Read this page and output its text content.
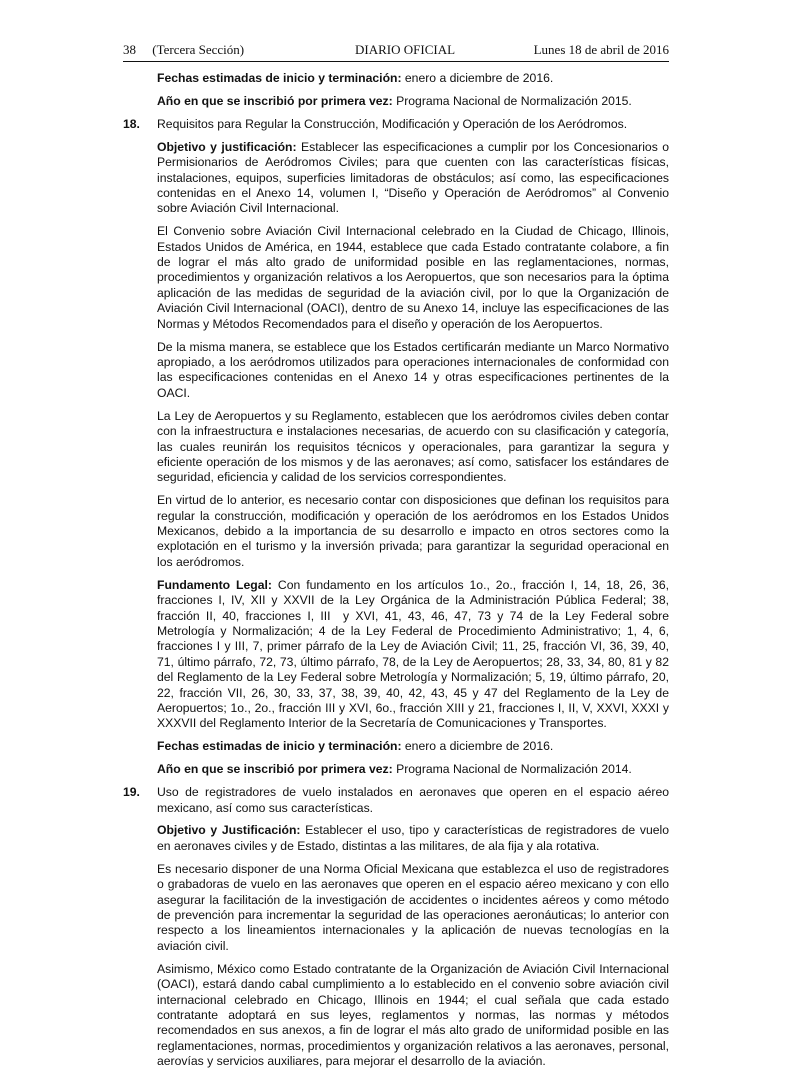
38     (Tercera Sección)	DIARIO OFICIAL	Lunes 18 de abril de 2016

Fechas estimadas de inicio y terminación: enero a diciembre de 2016.

Año en que se inscribió por primera vez: Programa Nacional de Normalización 2015.

18. Requisitos para Regular la Construcción, Modificación y Operación de los Aeródromos.

Objetivo y justificación: Establecer las especificaciones a cumplir por los Concesionarios o Permisionarios de Aeródromos Civiles; para que cuenten con las características físicas, instalaciones, equipos, superficies limitadoras de obstáculos; así como, las especificaciones contenidas en el Anexo 14, volumen I, “Diseño y Operación de Aeródromos” al Convenio sobre Aviación Civil Internacional.

El Convenio sobre Aviación Civil Internacional celebrado en la Ciudad de Chicago, Illinois, Estados Unidos de América, en 1944, establece que cada Estado contratante colabore, a fin de lograr el más alto grado de uniformidad posible en las reglamentaciones, normas, procedimientos y organización relativos a los Aeropuertos, que son necesarios para la óptima aplicación de las medidas de seguridad de la aviación civil, por lo que la Organización de Aviación Civil Internacional (OACI), dentro de su Anexo 14, incluye las especificaciones de las Normas y Métodos Recomendados para el diseño y operación de los Aeropuertos.

De la misma manera, se establece que los Estados certificarán mediante un Marco Normativo apropiado, a los aeródromos utilizados para operaciones internacionales de conformidad con las especificaciones contenidas en el Anexo 14 y otras especificaciones pertinentes de la OACI.

La Ley de Aeropuertos y su Reglamento, establecen que los aeródromos civiles deben contar con la infraestructura e instalaciones necesarias, de acuerdo con su clasificación y categoría, las cuales reunirán los requisitos técnicos y operacionales, para garantizar la segura y eficiente operación de los mismos y de las aeronaves; así como, satisfacer los estándares de seguridad, eficiencia y calidad de los servicios correspondientes.

En virtud de lo anterior, es necesario contar con disposiciones que definan los requisitos para regular la construcción, modificación y operación de los aeródromos en los Estados Unidos Mexicanos, debido a la importancia de su desarrollo e impacto en otros sectores como la explotación en el turismo y la inversión privada; para garantizar la seguridad operacional en los aeródromos.

Fundamento Legal: Con fundamento en los artículos 1o., 2o., fracción I, 14, 18, 26, 36, fracciones I, IV, XII y XXVII de la Ley Orgánica de la Administración Pública Federal; 38, fracción II, 40, fracciones I, III  y XVI, 41, 43, 46, 47, 73 y 74 de la Ley Federal sobre Metrología y Normalización; 4 de la Ley Federal de Procedimiento Administrativo; 1, 4, 6, fracciones I y III, 7, primer párrafo de la Ley de Aviación Civil; 11, 25, fracción VI, 36, 39, 40, 71, último párrafo, 72, 73, último párrafo, 78, de la Ley de Aeropuertos; 28, 33, 34, 80, 81 y 82 del Reglamento de la Ley Federal sobre Metrología y Normalización; 5, 19, último párrafo, 20, 22, fracción VII, 26, 30, 33, 37, 38, 39, 40, 42, 43, 45 y 47 del Reglamento de la Ley de Aeropuertos; 1o., 2o., fracción III y XVI, 6o., fracción XIII y 21, fracciones I, II, V, XXVI, XXXI y XXXVII del Reglamento Interior de la Secretaría de Comunicaciones y Transportes.

Fechas estimadas de inicio y terminación: enero a diciembre de 2016.

Año en que se inscribió por primera vez: Programa Nacional de Normalización 2014.

19. Uso de registradores de vuelo instalados en aeronaves que operen en el espacio aéreo mexicano, así como sus características.

Objetivo y Justificación: Establecer el uso, tipo y características de registradores de vuelo en aeronaves civiles y de Estado, distintas a las militares, de ala fija y ala rotativa.

Es necesario disponer de una Norma Oficial Mexicana que establezca el uso de registradores o grabadoras de vuelo en las aeronaves que operen en el espacio aéreo mexicano y con ello asegurar la facilitación de la investigación de accidentes o incidentes aéreos y como método de prevención para incrementar la seguridad de las operaciones aeronáuticas; lo anterior con respecto a los lineamientos internacionales y la aplicación de nuevas tecnologías en la aviación civil.

Asimismo, México como Estado contratante de la Organización de Aviación Civil Internacional (OACI), estará dando cabal cumplimiento a lo establecido en el convenio sobre aviación civil internacional celebrado en Chicago, Illinois en 1944; el cual señala que cada estado contratante adoptará en sus leyes, reglamentos y normas, las normas y métodos recomendados en sus anexos, a fin de lograr el más alto grado de uniformidad posible en las reglamentaciones, normas, procedimientos y organización relativos a las aeronaves, personal, aerovías y servicios auxiliares, para mejorar el desarrollo de la aviación.
